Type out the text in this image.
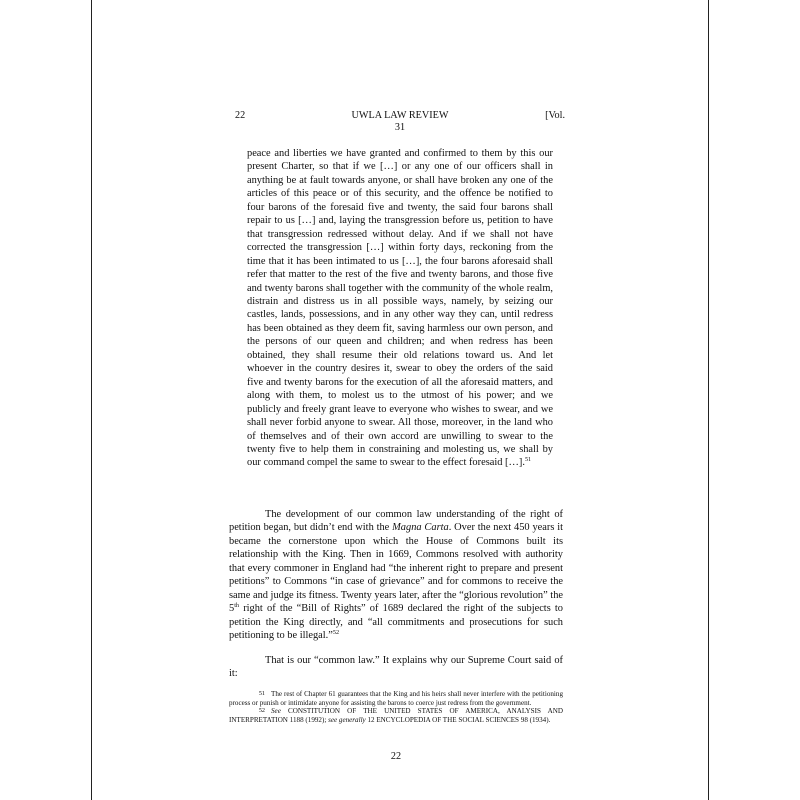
22	UWLA LAW REVIEW	[Vol.
31
peace and liberties we have granted and confirmed to them by this our present Charter, so that if we […] or any one of our officers shall in anything be at fault towards anyone, or shall have broken any one of the articles of this peace or of this security, and the offence be notified to four barons of the foresaid five and twenty, the said four barons shall repair to us […] and, laying the transgression before us, petition to have that transgression redressed without delay. And if we shall not have corrected the transgression […] within forty days, reckoning from the time that it has been intimated to us […], the four barons aforesaid shall refer that matter to the rest of the five and twenty barons, and those five and twenty barons shall together with the community of the whole realm, distrain and distress us in all possible ways, namely, by seizing our castles, lands, possessions, and in any other way they can, until redress has been obtained as they deem fit, saving harmless our own person, and the persons of our queen and children; and when redress has been obtained, they shall resume their old relations toward us. And let whoever in the country desires it, swear to obey the orders of the said five and twenty barons for the execution of all the aforesaid matters, and along with them, to molest us to the utmost of his power; and we publicly and freely grant leave to everyone who wishes to swear, and we shall never forbid anyone to swear. All those, moreover, in the land who of themselves and of their own accord are unwilling to swear to the twenty five to help them in constraining and molesting us, we shall by our command compel the same to swear to the effect foresaid […].$^{51}$
The development of our common law understanding of the right of petition began, but didn’t end with the Magna Carta. Over the next 450 years it became the cornerstone upon which the House of Commons built its relationship with the King. Then in 1669, Commons resolved with authority that every commoner in England had “the inherent right to prepare and present petitions” to Commons “in case of grievance” and for commons to receive the same and judge its fitness. Twenty years later, after the “glorious revolution” the 5th right of the “Bill of Rights” of 1689 declared the right of the subjects to petition the King directly, and “all commitments and prosecutions for such petitioning to be illegal.”$^{52}$
That is our “common law.” It explains why our Supreme Court said of it:

51 The rest of Chapter 61 guarantees that the King and his heirs shall never interfere with the petitioning process or punish or intimidate anyone for assisting the barons to coerce just redress from the government.

52 See CONSTITUTION OF THE UNITED STATES OF AMERICA, ANALYSIS AND INTERPRETATION 1188 (1992); see generally 12 ENCYCLOPEDIA OF THE SOCIAL SCIENCES 98 (1934).

22
